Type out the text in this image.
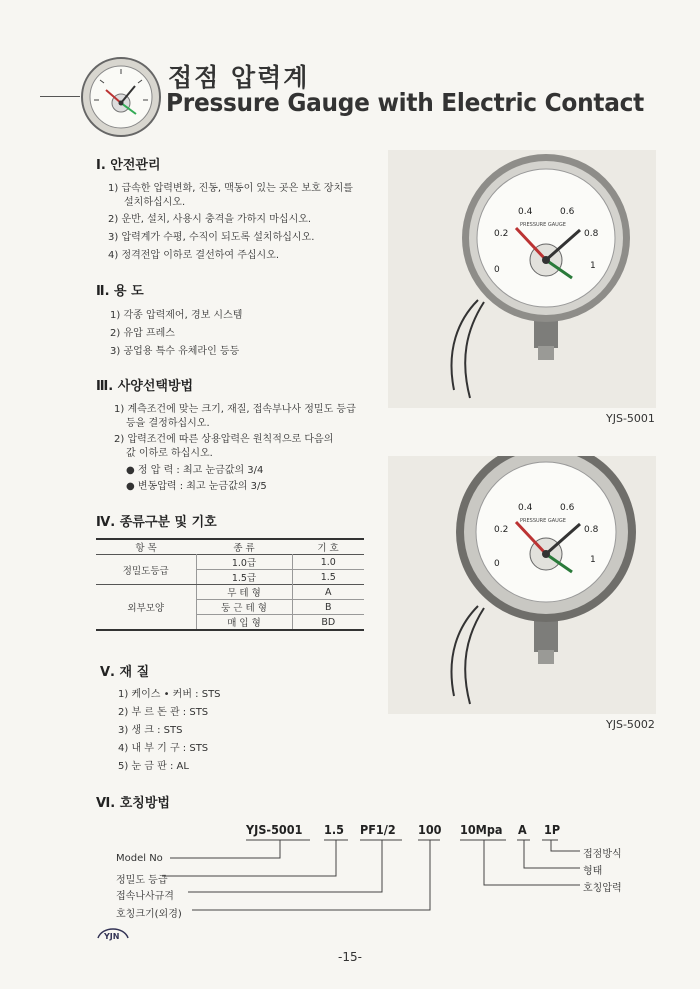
접점 압력계
Pressure Gauge with Electric Contact
Ⅰ. 안전관리
1) 급속한 압력변화, 진동, 맥동이 있는 곳은 보호 장치를
설치하십시오.
2) 운반, 설치, 사용시 충격을 가하지 마십시오.
3) 압력계가 수평, 수직이 되도록 설치하십시오.
4) 정격전압 이하로 결선하여 주십시오.
Ⅱ. 용 도
1) 각종 압력제어, 경보 시스템
2) 유압 프레스
3) 공업용 특수 유체라인 등등
Ⅲ. 사양선택방법
1) 계측조건에 맞는 크기, 재질, 접속부나사 정밀도 등급
등을 결정하십시오.
2) 압력조건에 따른 상용압력은 원칙적으로 다음의
값 이하로 하십시오.
● 정 압 력 : 최고 눈금값의 3/4
● 변동압력 : 최고 눈금값의 3/5
Ⅳ. 종류구분 및 기호
항 목	종 류	기 호
정밀도등급	1.0급	1.0
	1.5급	1.5
외부모양	무 테 형	A
	둥 근 테 형	B
	매 입 형	BD
Ⅴ. 재 질
1) 케이스 • 커버 : STS
2) 부 르 돈 관 : STS
3) 생 크 : STS
4) 내 부 기 구 : STS
5) 눈 금 판 : AL
Ⅵ. 호칭방법
YJS-5001 1.5 PF1/2 100 10Mpa A 1P
Model No
정밀도 등급
접속나사규격
호칭크기(외경)
접점방식
형태
호칭압력
0.4	0.6
0.2	0.8
0	1
PRESSURE GAUGE
YJS-5001
0.4	0.6
0.2	0.8
0	1
PRESSURE GAUGE
YJS-5002
YJN
-15-
